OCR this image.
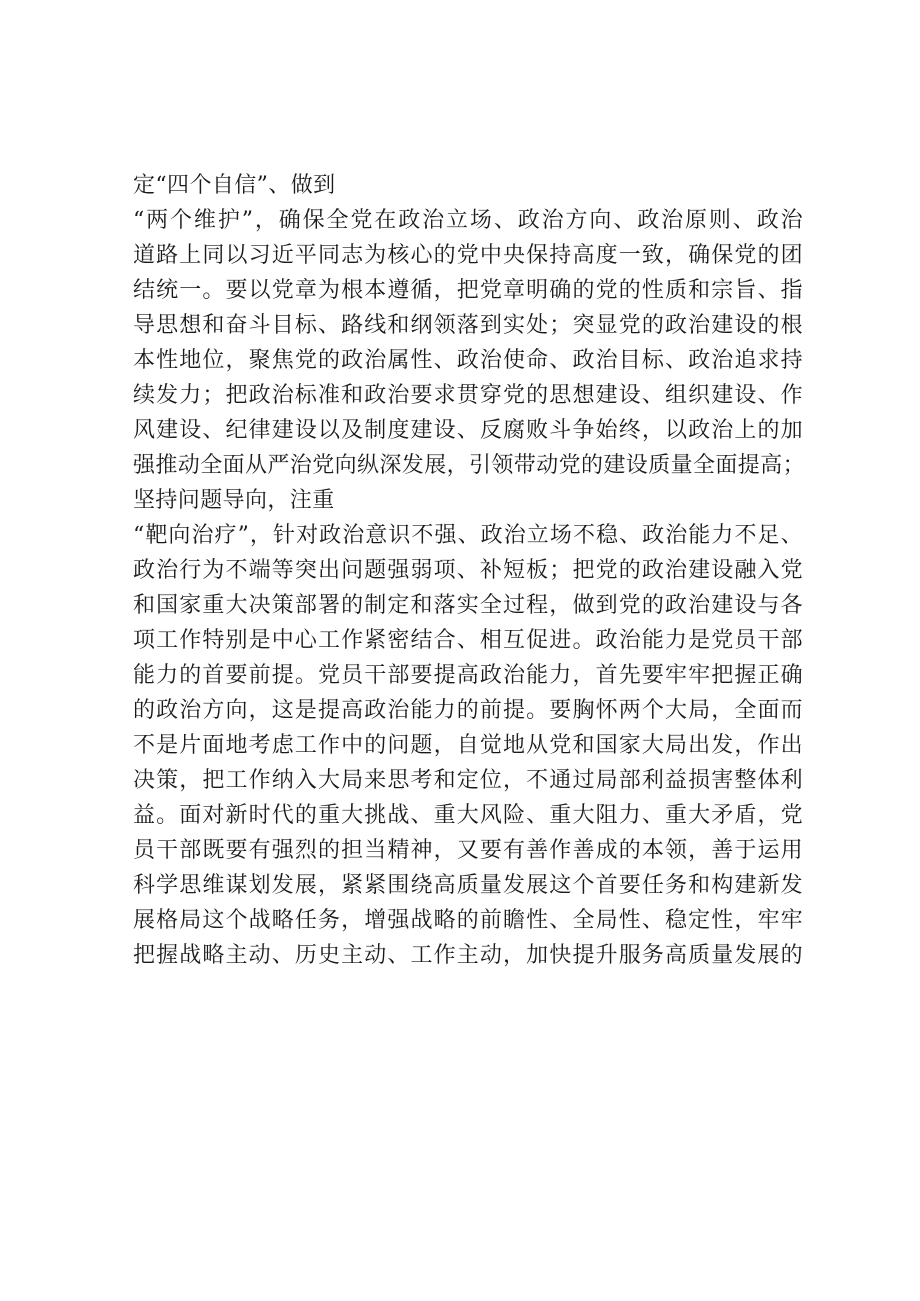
定“四个自信”、做到
“两个维护”，确保全党在政治立场、政治方向、政治原则、政治
道路上同以习近平同志为核心的党中央保持高度一致，确保党的团
结统一。要以党章为根本遵循，把党章明确的党的性质和宗旨、指
导思想和奋斗目标、路线和纲领落到实处；突显党的政治建设的根
本性地位，聚焦党的政治属性、政治使命、政治目标、政治追求持
续发力；把政治标准和政治要求贯穿党的思想建设、组织建设、作
风建设、纪律建设以及制度建设、反腐败斗争始终，以政治上的加
强推动全面从严治党向纵深发展，引领带动党的建设质量全面提高；
坚持问题导向，注重
“靶向治疗”，针对政治意识不强、政治立场不稳、政治能力不足、
政治行为不端等突出问题强弱项、补短板；把党的政治建设融入党
和国家重大决策部署的制定和落实全过程，做到党的政治建设与各
项工作特别是中心工作紧密结合、相互促进。政治能力是党员干部
能力的首要前提。党员干部要提高政治能力，首先要牢牢把握正确
的政治方向，这是提高政治能力的前提。要胸怀两个大局，全面而
不是片面地考虑工作中的问题，自觉地从党和国家大局出发，作出
决策，把工作纳入大局来思考和定位，不通过局部利益损害整体利
益。面对新时代的重大挑战、重大风险、重大阻力、重大矛盾，党
员干部既要有强烈的担当精神，又要有善作善成的本领，善于运用
科学思维谋划发展，紧紧围绕高质量发展这个首要任务和构建新发
展格局这个战略任务，增强战略的前瞻性、全局性、稳定性，牢牢
把握战略主动、历史主动、工作主动，加快提升服务高质量发展的
